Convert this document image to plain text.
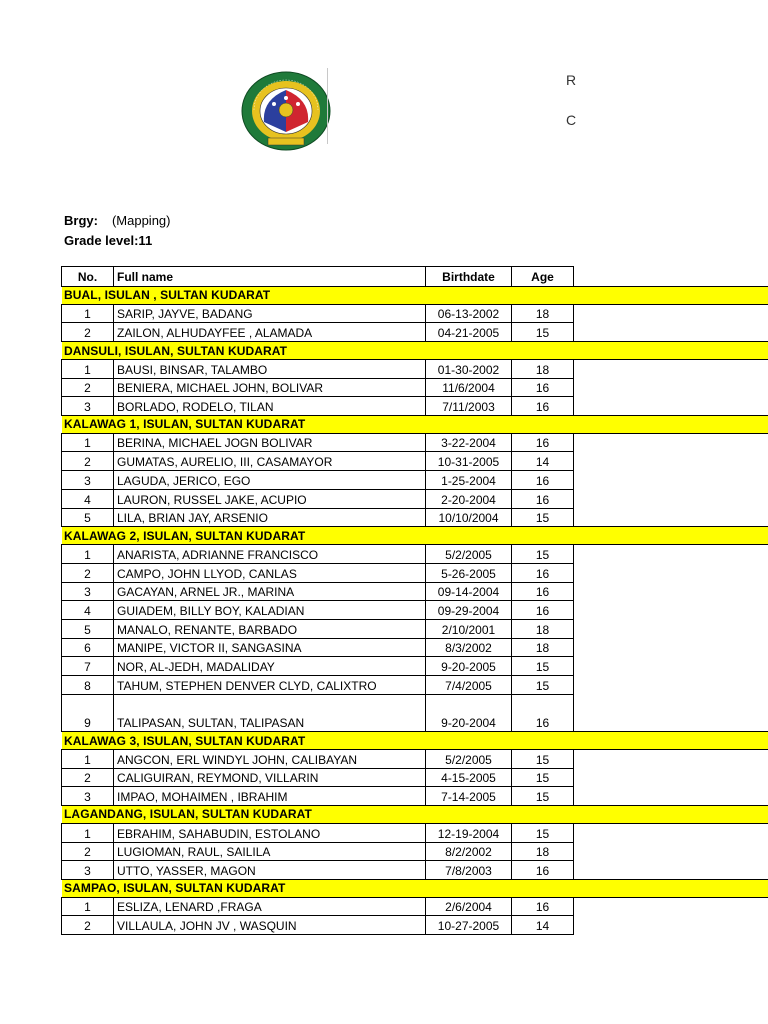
R
C
Brgy: (Mapping)
Grade level:11
No.	Full name	Birthdate	Age
BUAL, ISULAN , SULTAN KUDARAT
1	SARIP, JAYVE, BADANG	06-13-2002	18
2	ZAILON, ALHUDAYFEE , ALAMADA	04-21-2005	15
DANSULI, ISULAN, SULTAN KUDARAT
1	BAUSI, BINSAR, TALAMBO	01-30-2002	18
2	BENIERA, MICHAEL JOHN, BOLIVAR	11/6/2004	16
3	BORLADO, RODELO, TILAN	7/11/2003	16
KALAWAG 1, ISULAN, SULTAN KUDARAT
1	BERINA, MICHAEL JOGN BOLIVAR	3-22-2004	16
2	GUMATAS, AURELIO, III, CASAMAYOR	10-31-2005	14
3	LAGUDA, JERICO, EGO	1-25-2004	16
4	LAURON, RUSSEL JAKE, ACUPIO	2-20-2004	16
5	LILA, BRIAN JAY, ARSENIO	10/10/2004	15
KALAWAG 2, ISULAN, SULTAN KUDARAT
1	ANARISTA, ADRIANNE FRANCISCO	5/2/2005	15
2	CAMPO, JOHN LLYOD, CANLAS	5-26-2005	16
3	GACAYAN, ARNEL JR., MARINA	09-14-2004	16
4	GUIADEM, BILLY BOY, KALADIAN	09-29-2004	16
5	MANALO, RENANTE, BARBADO	2/10/2001	18
6	MANIPE, VICTOR II, SANGASINA	8/3/2002	18
7	NOR, AL-JEDH, MADALIDAY	9-20-2005	15
8	TAHUM, STEPHEN DENVER CLYD, CALIXTRO	7/4/2005	15
9	TALIPASAN, SULTAN, TALIPASAN	9-20-2004	16
KALAWAG 3, ISULAN, SULTAN KUDARAT
1	ANGCON, ERL WINDYL JOHN, CALIBAYAN	5/2/2005	15
2	CALIGUIRAN, REYMOND, VILLARIN	4-15-2005	15
3	IMPAO, MOHAIMEN , IBRAHIM	7-14-2005	15
LAGANDANG, ISULAN, SULTAN KUDARAT
1	EBRAHIM, SAHABUDIN, ESTOLANO	12-19-2004	15
2	LUGIOMAN, RAUL, SAILILA	8/2/2002	18
3	UTTO, YASSER, MAGON	7/8/2003	16
SAMPAO, ISULAN, SULTAN KUDARAT
1	ESLIZA, LENARD ,FRAGA	2/6/2004	16
2	VILLAULA, JOHN JV , WASQUIN	10-27-2005	14
